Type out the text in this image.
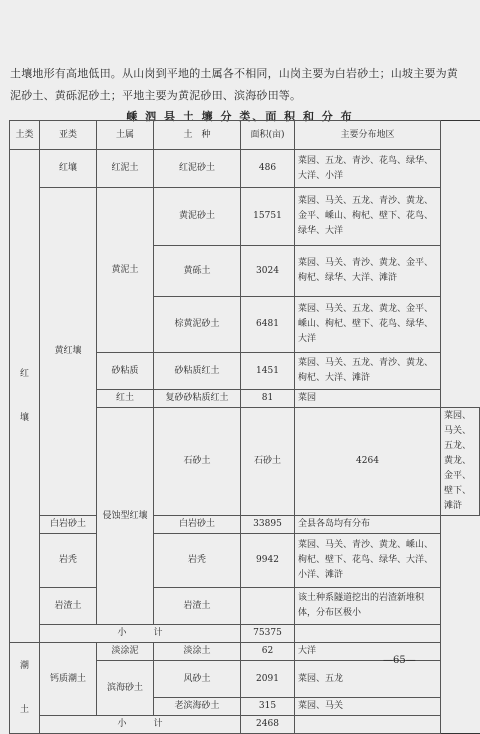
土壤地形有高地低田。从山岗到平地的土属各不相同，山岗主要为白岩砂土；山坡主要为黄泥砂土、黄砾泥砂土；平地主要为黄泥砂田、滨海砂田等。
嵊 泗 县 土 壤 分 类、面 积 和 分 布
土类	亚类	土属	土　种	面积(亩)	主要分布地区	

红
壤	红壤	红泥土	红泥砂土	486	菜园、五龙、青沙、花鸟、绿华、大洋、小洋	
	黄红壤	黄泥土	黄泥砂土	15751	菜园、马关、五龙、青沙、黄龙、金平、嵊山、枸杞、壁下、花鸟、绿华、大洋	
			黄砾土	3024	菜园、马关、青沙、黄龙、金平、枸杞、绿华、大洋、滩浒	
			棕黄泥砂土	6481	菜园、马关、五龙、黄龙、金平、嵊山、枸杞、壁下、花鸟、绿华、大洋	
		砂粘质	砂粘质红土	1451	菜园、马关、五龙、青沙、黄龙、枸杞、大洋、滩浒	
		红土	复砂砂粘质红土	81	菜园	
		侵蚀型红壤	石砂土	石砂土	4264	菜园、马关、五龙、黄龙、金平、壁下、滩浒
	白岩砂土		白岩砂土	33895	全县各岛均有分布	
	岩秃		岩秃	9942	菜园、马关、青沙、黄龙、嵊山、枸杞、壁下、花鸟、绿华、大洋、小洋、滩浒	
	岩渣土		岩渣土		该土种系隧道挖出的岩渣新堆积体，分布区极小	
	小　　　计			75375		

潮
土	钙质潮土	淡涂泥	淡涂土	62	大洋	
		滨海砂土	风砂土	2091	菜园、五龙	
			老滨海砂土	315	菜园、马关	
	小　　　计			2468		
—65—
